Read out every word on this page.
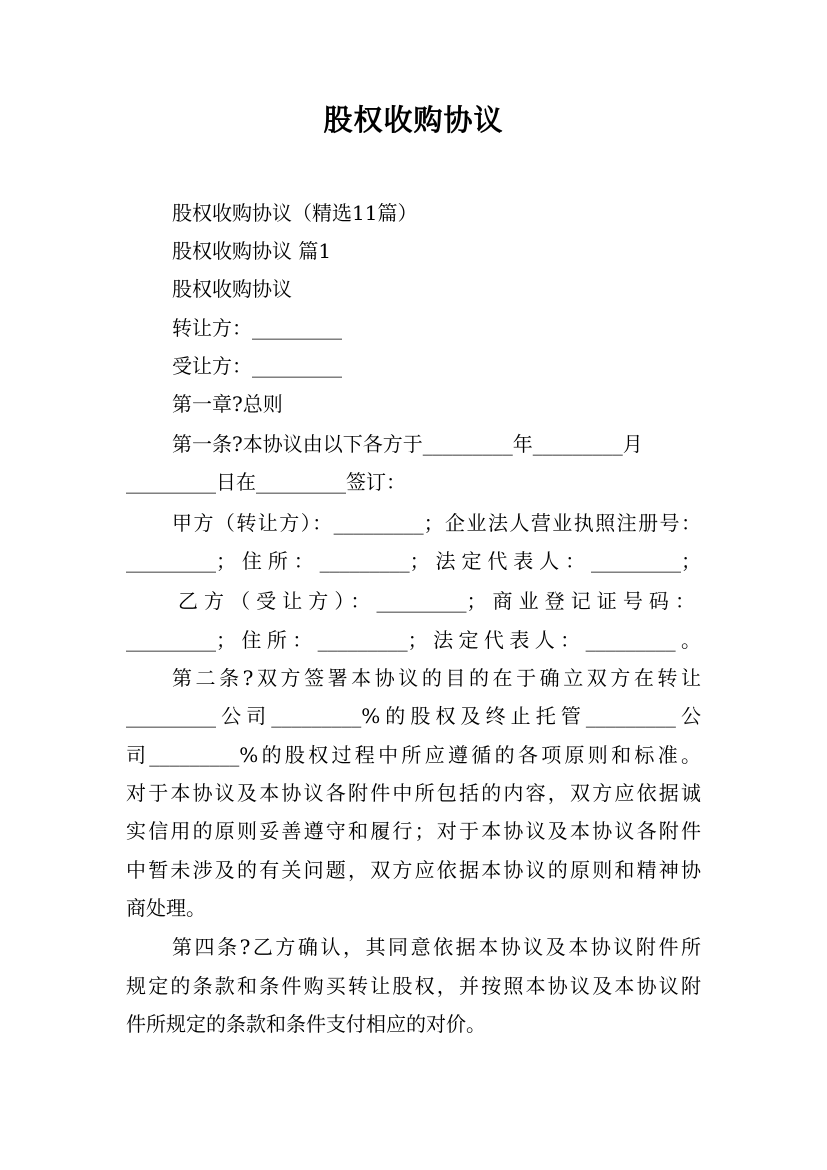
股权收购协议

股权收购协议（精选11篇）

股权收购协议 篇1

股权收购协议

转让方：_________

受让方：_________

第一章?总则

第一条?本协议由以下各方于_________年_________月

_________日在_________签订：

甲方（转让方）：_________；企业法人营业执照注册号：

_________；住所：_________；法定代表人：_________；

乙方（受让方）：_________；商业登记证号码：

_________；住所：_________；法定代表人：_________。

第二条?双方签署本协议的目的在于确立双方在转让

_________公司_________%的股权及终止托管_________公

司_________%的股权过程中所应遵循的各项原则和标准。

对于本协议及本协议各附件中所包括的内容，双方应依据诚

实信用的原则妥善遵守和履行；对于本协议及本协议各附件

中暂未涉及的有关问题，双方应依据本协议的原则和精神协

商处理。

第四条?乙方确认，其同意依据本协议及本协议附件所

规定的条款和条件购买转让股权，并按照本协议及本协议附

件所规定的条款和条件支付相应的对价。
